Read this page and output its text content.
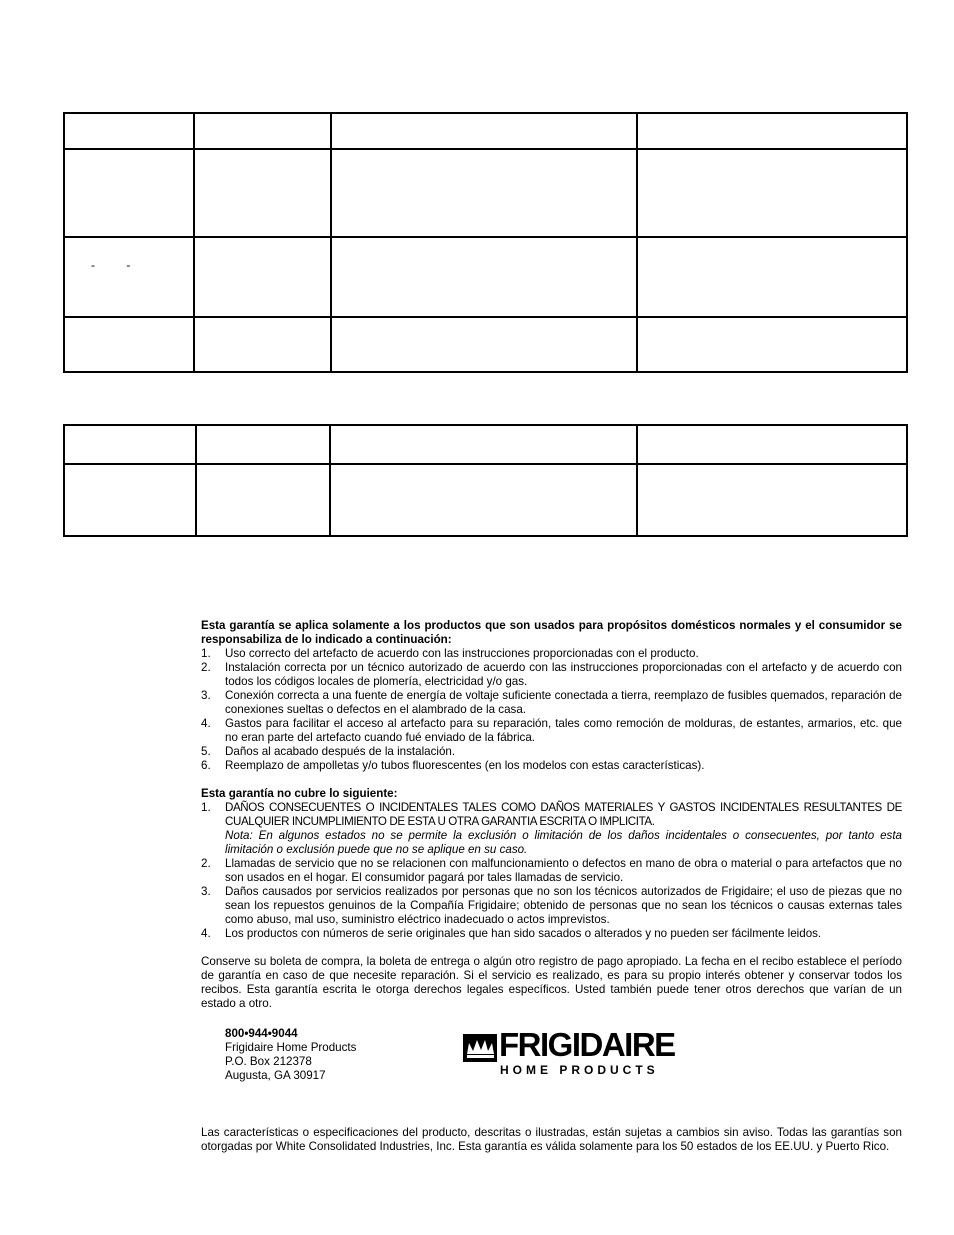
- -			

Esta garantía se aplica solamente a los productos que son usados para propósitos domésticos normales y el consumidor se responsabiliza de lo indicado a continuación:

1. Uso correcto del artefacto de acuerdo con las instrucciones proporcionadas con el producto.
2. Instalación correcta por un técnico autorizado de acuerdo con las instrucciones proporcionadas con el artefacto y de acuerdo con todos los códigos locales de plomería, electricidad y/o gas.
3. Conexión correcta a una fuente de energía de voltaje suficiente conectada a tierra, reemplazo de fusibles quemados, reparación de conexiones sueltas o defectos en el alambrado de la casa.
4. Gastos para facilitar el acceso al artefacto para su reparación, tales como remoción de molduras, de estantes, armarios, etc. que no eran parte del artefacto cuando fué enviado de la fábrica.
5. Daños al acabado después de la instalación.
6. Reemplazo de ampolletas y/o tubos fluorescentes (en los modelos con estas características).

Esta garantía no cubre lo siguiente:

1. DAÑOS CONSECUENTES O INCIDENTALES TALES COMO DAÑOS MATERIALES Y GASTOS INCIDENTALES RESULTANTES DE CUALQUIER INCUMPLIMIENTO DE ESTA U OTRA GARANTIA ESCRITA O IMPLICITA.
Nota: En algunos estados no se permite la exclusión o limitación de los daños incidentales o consecuentes, por tanto esta limitación o exclusión puede que no se aplique en su caso.
2. Llamadas de servicio que no se relacionen con malfuncionamiento o defectos en mano de obra o material o para artefactos que no son usados en el hogar. El consumidor pagará por tales llamadas de servicio.
3. Daños causados por servicios realizados por personas que no son los técnicos autorizados de Frigidaire; el uso de piezas que no sean los repuestos genuinos de la Compañía Frigidaire; obtenido de personas que no sean los técnicos o causas externas tales como abuso, mal uso, suministro eléctrico inadecuado o actos imprevistos.
4. Los productos con números de serie originales que han sido sacados o alterados y no pueden ser fácilmente leidos.

Conserve su boleta de compra, la boleta de entrega o algún otro registro de pago apropiado. La fecha en el recibo establece el período de garantía en caso de que necesite reparación. Si el servicio es realizado, es para su propio interés obtener y conservar todos los recibos. Esta garantía escrita le otorga derechos legales específicos. Usted también puede tener otros derechos que varían de un estado a otro.

800•944•9044
Frigidaire Home Products
P.O. Box 212378
Augusta, GA 30917
FRIGIDAIRE
HOME PRODUCTS
Las características o especificaciones del producto, descritas o ilustradas, están sujetas a cambios sin aviso. Todas las garantías son otorgadas por White Consolidated Industries, Inc. Esta garantía es válida solamente para los 50 estados de los EE.UU. y Puerto Rico.
